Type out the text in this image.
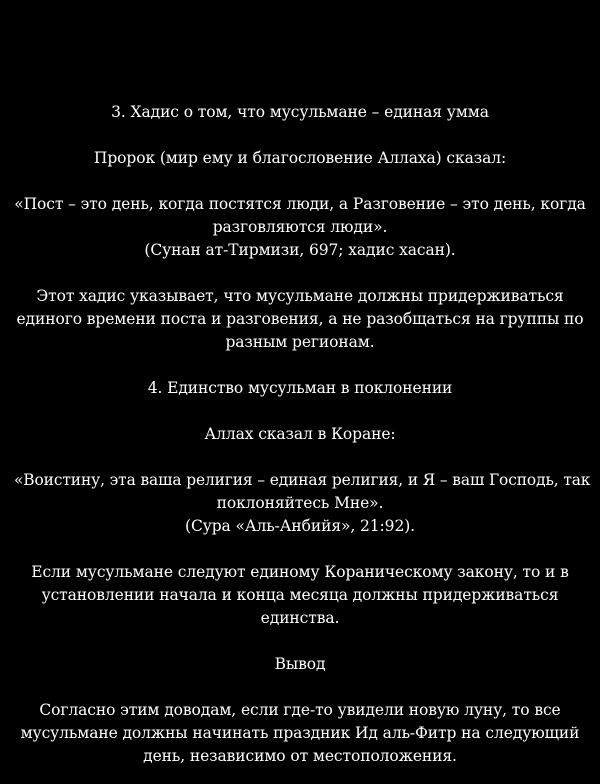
3. Хадис о том, что мусульмане – единая умма
Пророк (мир ему и благословение Аллаха) сказал:
«Пост – это день, когда постятся люди, а Разговение – это день, когда
разговляются люди».
(Сунан ат-Тирмизи, 697; хадис хасан).
Этот хадис указывает, что мусульмане должны придерживаться
единого времени поста и разговения, а не разобщаться на группы по
разным регионам.
4. Единство мусульман в поклонении
Аллах сказал в Коране:
«Воистину, эта ваша религия – единая религия, и Я – ваш Господь, так
поклоняйтесь Мне».
(Сура «Аль-Анбийя», 21:92).
Если мусульмане следуют единому Кораническому закону, то и в
установлении начала и конца месяца должны придерживаться
единства.
Вывод
Согласно этим доводам, если где-то увидели новую луну, то все
мусульмане должны начинать праздник Ид аль-Фитр на следующий
день, независимо от местоположения.
